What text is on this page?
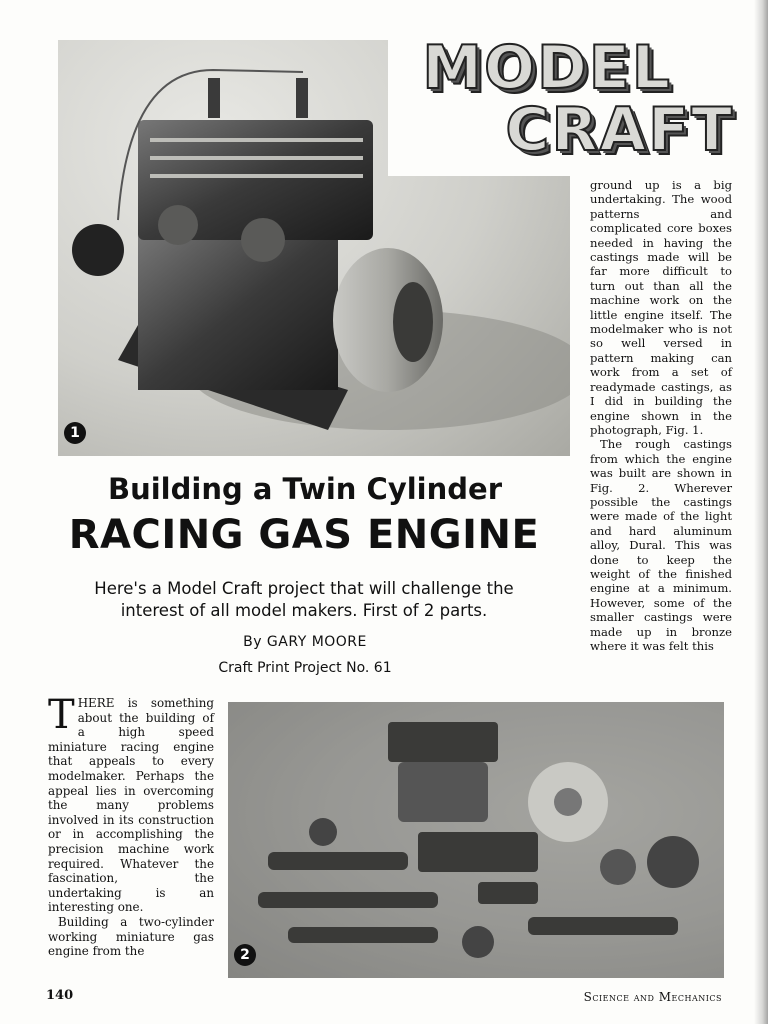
1
MODEL
CRAFT

ground up is a big undertaking. The wood patterns and complicated core boxes needed in having the castings made will be far more difficult to turn out than all the machine work on the little engine itself. The modelmaker who is not so well versed in pattern making can work from a set of readymade castings, as I did in building the engine shown in the photograph, Fig. 1.

The rough castings from which the engine was built are shown in Fig. 2. Wherever possible the castings were made of the light and hard aluminum alloy, Dural. This was done to keep the weight of the finished engine at a minimum. However, some of the smaller castings were made up in bronze where it was felt this

Building a Twin Cylinder
RACING GAS ENGINE
Here's a Model Craft project that will challenge the interest of all model makers. First of 2 parts.
By GARY MOORE
Craft Print Project No. 61

THERE is something about the building of a high speed miniature racing engine that appeals to every modelmaker. Perhaps the appeal lies in overcoming the many problems involved in its construction or in accomplishing the precision machine work required. Whatever the fascination, the undertaking is an interesting one.

Building a two-cylinder working miniature gas engine from the	2
140	Science and Mechanics
